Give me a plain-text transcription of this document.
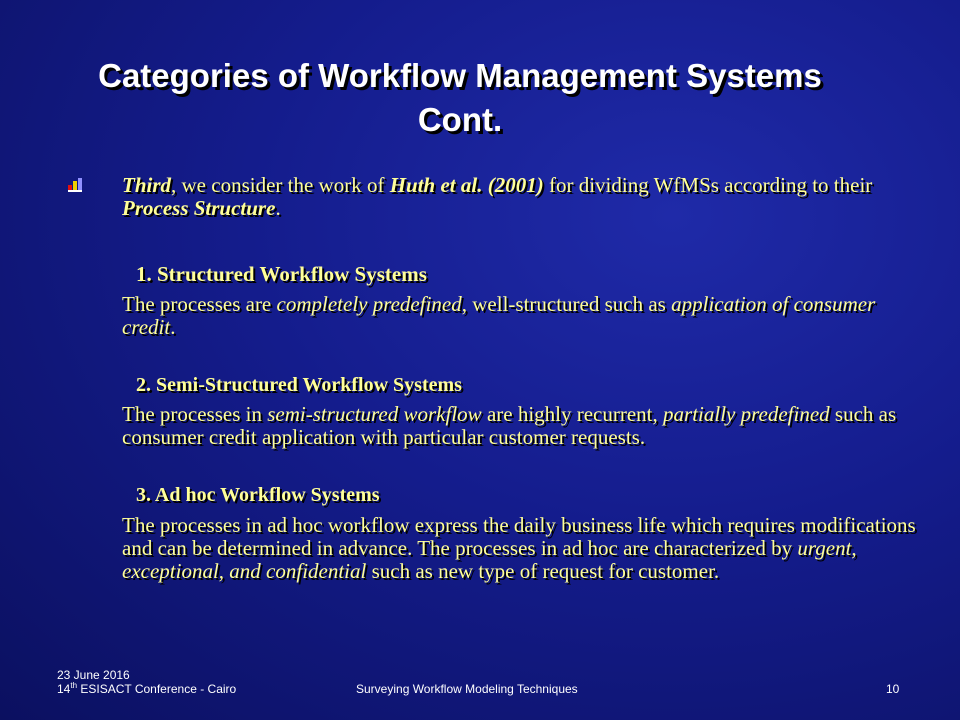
Categories of Workflow Management Systems
Cont.
Third, we consider the work of Huth et al. (2001) for dividing WfMSs according to their Process Structure.
1. Structured Workflow Systems
The processes are completely predefined, well-structured such as application of consumer credit.
2. Semi-Structured Workflow Systems
The processes in semi-structured workflow are highly recurrent, partially predefined such as consumer credit application with particular customer requests.
3. Ad hoc Workflow Systems
The processes in ad hoc workflow express the daily business life which requires modifications and can be determined in advance. The processes in ad hoc are characterized by urgent, exceptional, and confidential such as new type of request for customer.
23 June 2016
14th ESISACT Conference - Cairo	Surveying Workflow Modeling Techniques	10
